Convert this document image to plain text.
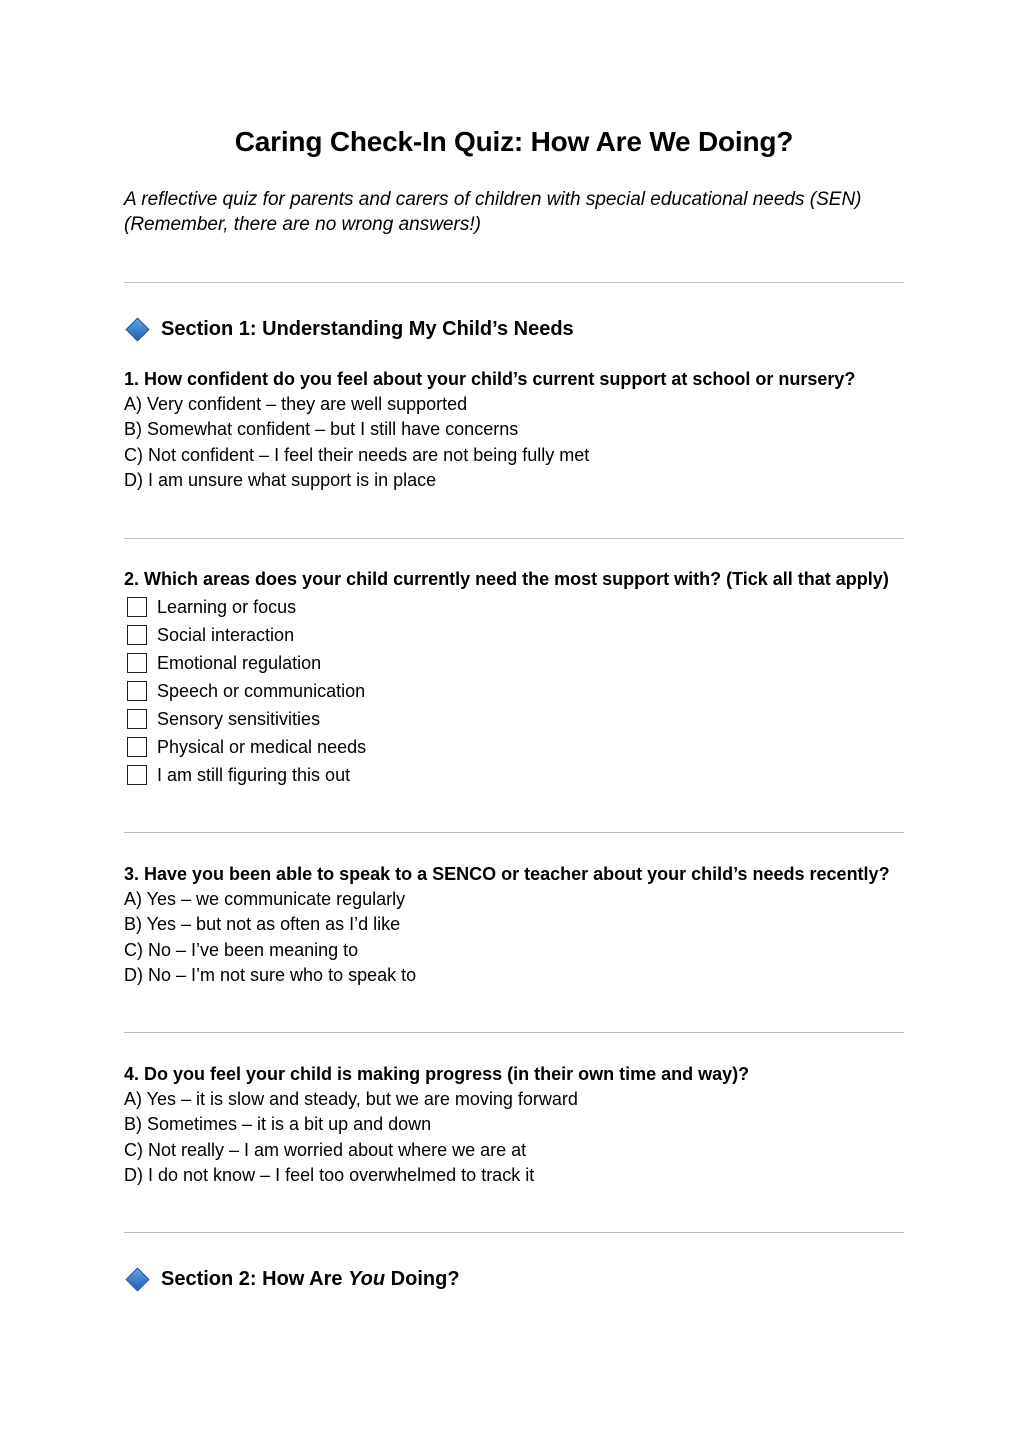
Caring Check-In Quiz: How Are We Doing?
A reflective quiz for parents and carers of children with special educational needs (SEN)
(Remember, there are no wrong answers!)
Section 1: Understanding My Child’s Needs
1. How confident do you feel about your child’s current support at school or nursery?
A) Very confident – they are well supported
B) Somewhat confident – but I still have concerns
C) Not confident – I feel their needs are not being fully met
D) I am unsure what support is in place
2. Which areas does your child currently need the most support with? (Tick all that apply)
Learning or focus
Social interaction
Emotional regulation
Speech or communication
Sensory sensitivities
Physical or medical needs
I am still figuring this out
3. Have you been able to speak to a SENCO or teacher about your child’s needs recently?
A) Yes – we communicate regularly
B) Yes – but not as often as I’d like
C) No – I’ve been meaning to
D) No – I’m not sure who to speak to
4. Do you feel your child is making progress (in their own time and way)?
A) Yes – it is slow and steady, but we are moving forward
B) Sometimes – it is a bit up and down
C) Not really – I am worried about where we are at
D) I do not know – I feel too overwhelmed to track it
Section 2: How Are You Doing?
